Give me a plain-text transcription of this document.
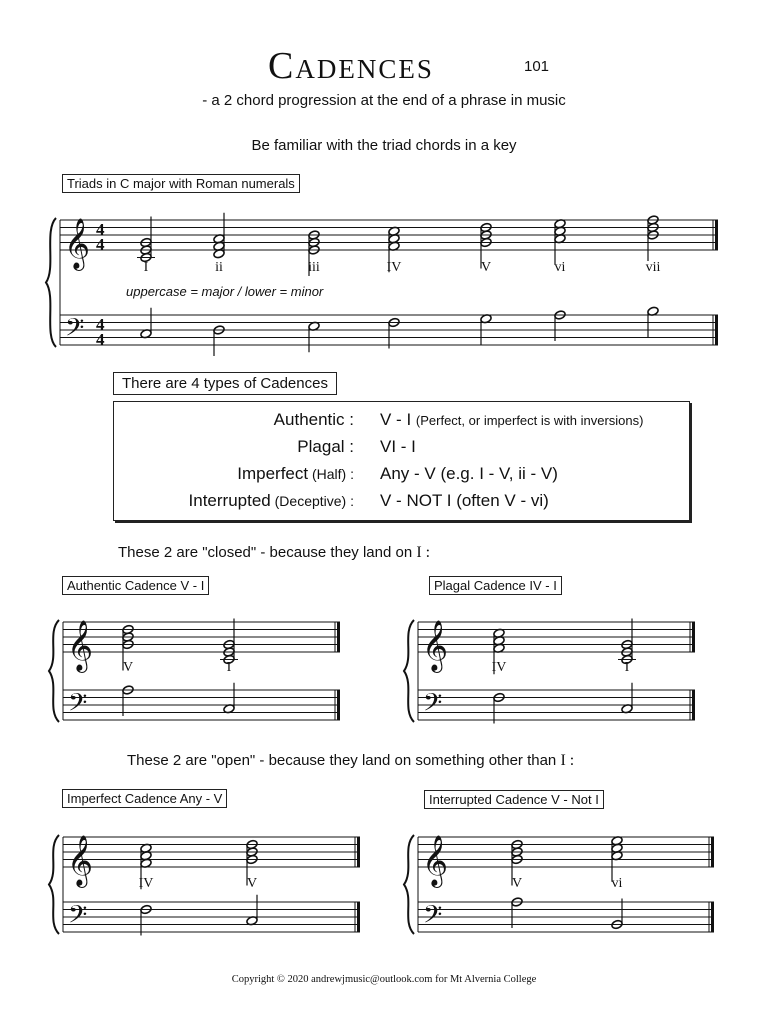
Cadences	101
- a 2 chord progression at the end of a phrase in music
Be familiar with the triad chords in a key
Triads in C major with Roman numerals
𝄞
𝄢
4
4
4
4
𝄞
𝄢
𝄞
𝄢
𝄞
𝄢
𝄞
𝄢
I	ii	iii	IV	V	vi	vii
uppercase = major / lower = minor
There are 4 types of Cadences
Authentic : V - I (Perfect, or imperfect is with inversions)
Plagal : VI - I
Imperfect (Half) : Any - V (e.g. I - V, ii - V)
Interrupted (Deceptive) : V - NOT I (often V - vi)
These 2 are "closed" - because they land on I :
Authentic Cadence V - I	Plagal Cadence IV - I
V	I	IV	I
IV	V	V	vi
These 2 are "open" - because they land on something other than I :
Imperfect Cadence Any - V	Interrupted Cadence V - Not I
Copyright © 2020 andrewjmusic@outlook.com for Mt Alvernia College
